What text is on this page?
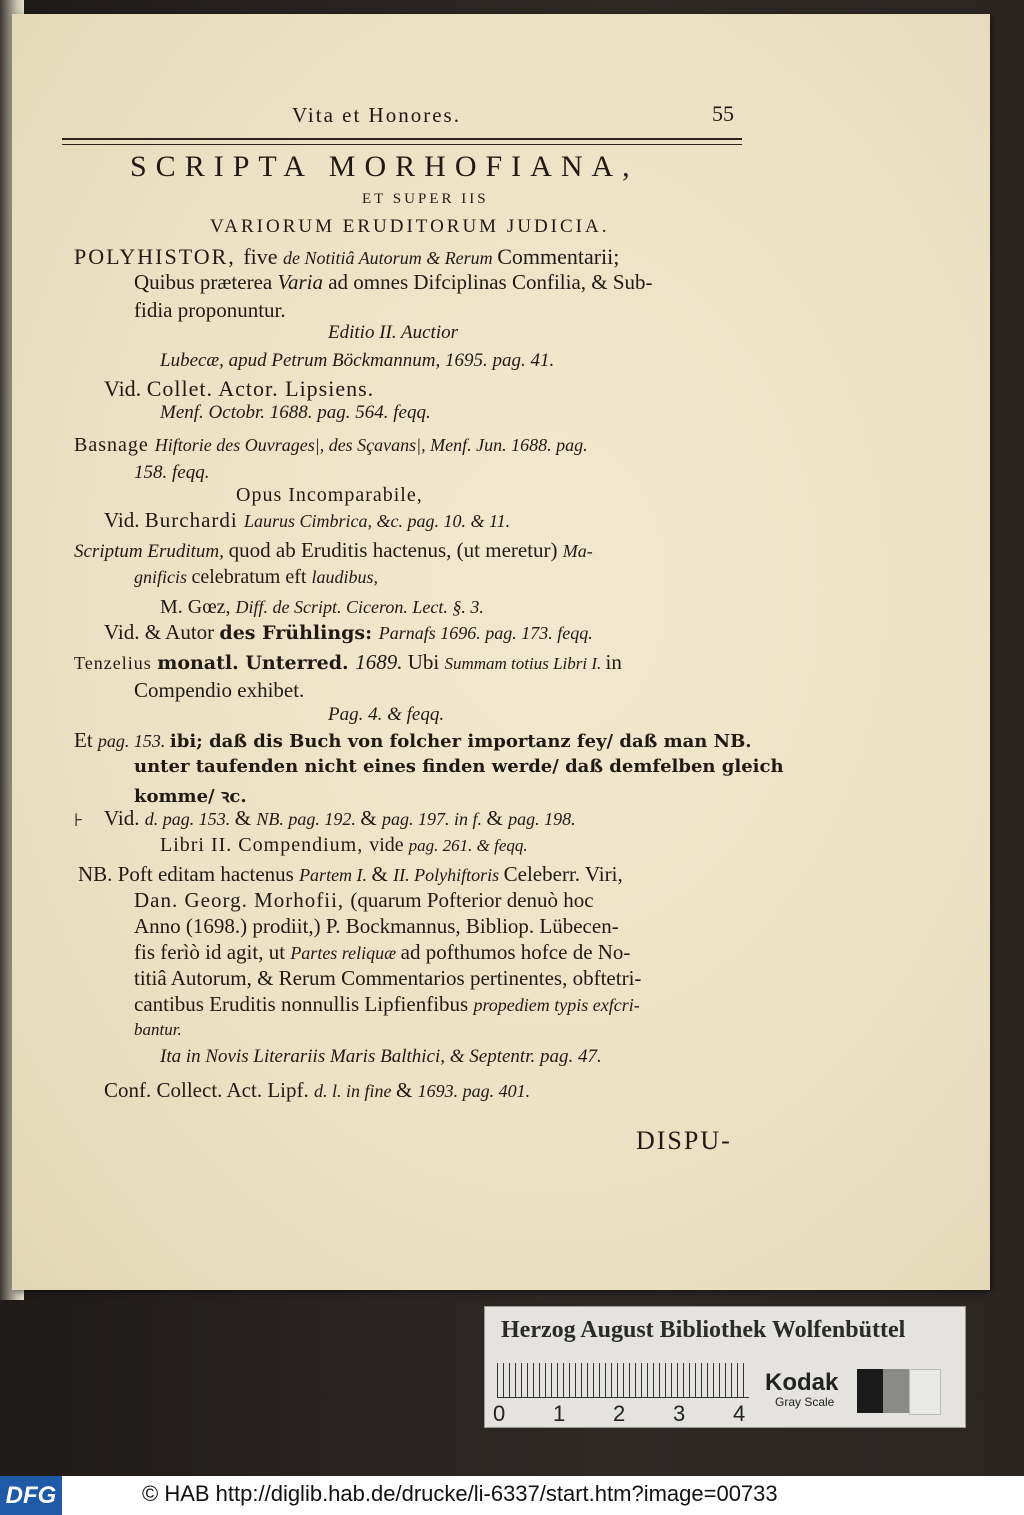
Vita et Honores.	55
SCRIPTA MORHOFIANA,
ET SUPER IIS
VARIORUM ERUDITORUM JUDICIA.
POLYHISTOR, five de Notitiâ Autorum & Rerum Commentarii;
Quibus præterea Varia ad omnes Difciplinas Confilia, & Sub-
fidia proponuntur.
Editio II. Auctior
Lubecæ, apud Petrum Böckmannum, 1695. pag. 41.
Vid. Collet. Actor. Lipsiens.
Menf. Octobr. 1688. pag. 564. feqq.
Basnage Hiftorie des Ouvrages|, des Sçavans|, Menf. Jun. 1688. pag.
158. feqq.
Opus Incomparabile,
Vid. Burchardi Laurus Cimbrica, &c. pag. 10. & 11.
Scriptum Eruditum, quod ab Eruditis hactenus, (ut meretur) Ma-
gnificis celebratum eft laudibus,
M. Gœz, Diff. de Script. Ciceron. Lect. §. 3.
Vid. & Autor des Frühlings: Parnafs 1696. pag. 173. feqq.
Tenzelius monatl. Unterred. 1689. Ubi Summam totius Libri I. in
Compendio exhibet.
Pag. 4. & feqq.
Et pag. 153. ibi; daß dis Buch von folcher importanz fey/ daß man NB.
unter taufenden nicht eines finden werde/ daß demfelben gleich
komme/ ꝛc.
⊦ Vid. d. pag. 153. & NB. pag. 192. & pag. 197. in f. & pag. 198.
Libri II. Compendium, vide pag. 261. & feqq.
NB. Poft editam hactenus Partem I. & II. Polyhiftoris Celeberr. Viri,
Dan. Georg. Morhofii, (quarum Pofterior denuò hoc
Anno (1698.) prodiit,) P. Bockmannus, Bibliop. Lübecen-
fis ferìò id agit, ut Partes reliquæ ad pofthumos hofce de No-
titiâ Autorum, & Rerum Commentarios pertinentes, obftetri-
cantibus Eruditis nonnullis Lipfienfibus propediem typis exfcri-
bantur.
Ita in Novis Literariis Maris Balthici, & Septentr. pag. 47.
Conf. Collect. Act. Lipf. d. l. in fine & 1693. pag. 401.
DISPU-
Herzog August Bibliothek Wolfenbüttel
0 1 2 3 4
Kodak
Gray Scale
DFG	© HAB http://diglib.hab.de/drucke/li-6337/start.htm?image=00733
